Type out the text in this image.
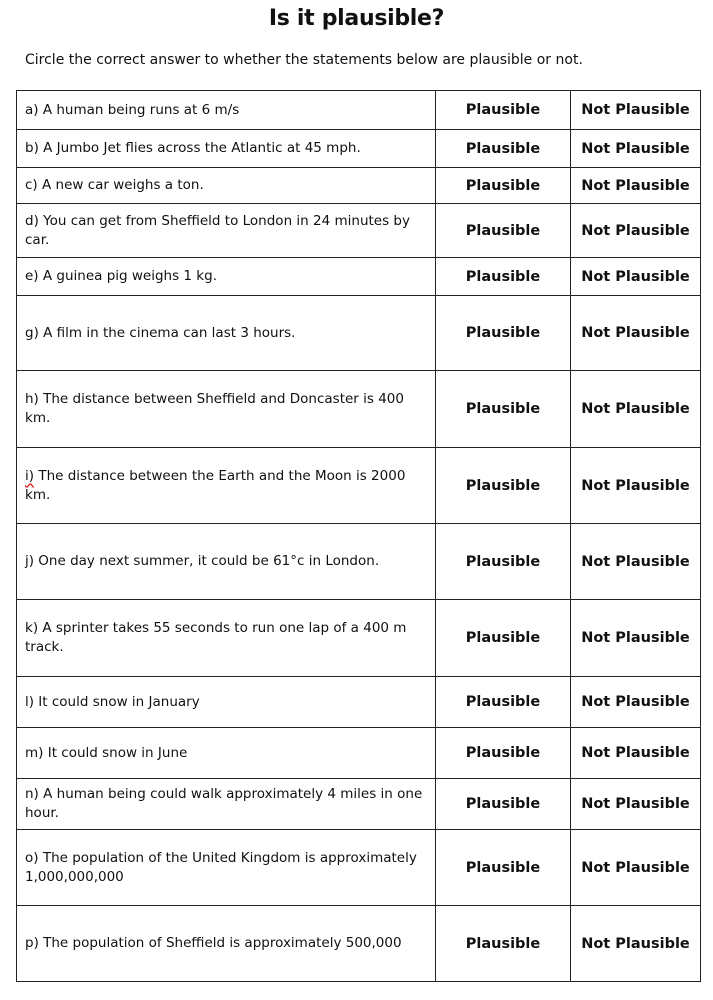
Is it plausible?
Circle the correct answer to whether the statements below are plausible or not.
a) A human being runs at 6 m/s	Plausible	Not Plausible
b) A Jumbo Jet flies across the Atlantic at 45 mph.	Plausible	Not Plausible
c) A new car weighs a ton.	Plausible	Not Plausible
d) You can get from Sheffield to London in 24 minutes by car.	Plausible	Not Plausible
e) A guinea pig weighs 1 kg.	Plausible	Not Plausible
g) A film in the cinema can last 3 hours.	Plausible	Not Plausible
h) The distance between Sheffield and Doncaster is 400 km.	Plausible	Not Plausible
i) The distance between the Earth and the Moon is 2000 km.	Plausible	Not Plausible
j) One day next summer, it could be 61°c in London.	Plausible	Not Plausible
k) A sprinter takes 55 seconds to run one lap of a 400 m track.	Plausible	Not Plausible
l) It could snow in January	Plausible	Not Plausible
m) It could snow in June	Plausible	Not Plausible
n) A human being could walk approximately 4 miles in one hour.	Plausible	Not Plausible
o) The population of the United Kingdom is approximately 1,000,000,000	Plausible	Not Plausible
p) The population of Sheffield is approximately 500,000	Plausible	Not Plausible
